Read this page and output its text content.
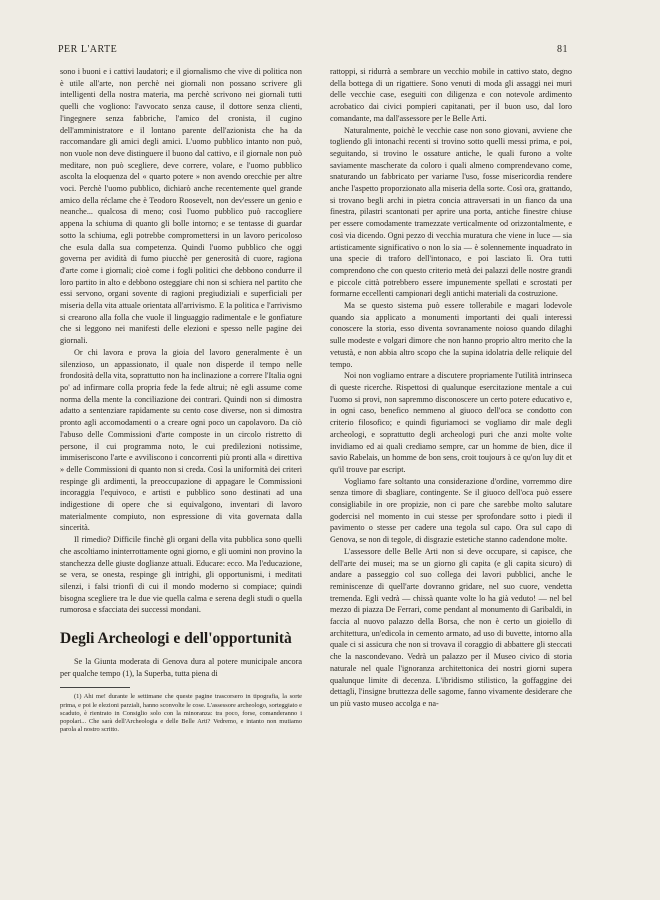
PER L'ARTE	81

sono i buoni e i cattivi laudatori; e il giornalismo che vive di politica non è utile all'arte, non perchè nei giornali non possano scrivere gli intelligenti della nostra materia, ma perchè scrivono nei giornali tutti quelli che vogliono: l'avvocato senza cause, il dottore senza clienti, l'ingegnere senza fabbriche, l'amico del cronista, il cugino dell'amministratore e il lontano parente dell'azionista che ha da raccomandare gli amici degli amici. L'uomo pubblico intanto non può, non vuole non deve distinguere il buono dal cattivo, e il giornale non può meditare, non può scegliere, deve correre, volare, e l'uomo pubblico ascolta la eloquenza del « quarto potere » non avendo orecchie per altre voci. Perchè l'uomo pubblico, dichiarò anche recentemente quel grande amico della réclame che è Teodoro Roosevelt, non dev'essere un genio e neanche... qualcosa di meno; così l'uomo pubblico può raccogliere appena la schiuma di quanto gli bolle intorno; e se tentasse di guardar sotto la schiuma, egli potrebbe compromettersi in un lavoro pericoloso che esula dalla sua competenza. Quindi l'uomo pubblico che oggi governa per avidità di fumo piucchè per generosità di cuore, ragiona d'arte come i giornali; cioè come i fogli politici che debbono condurre il loro partito in alto e debbono osteggiare chi non si schiera nel partito che essi servono, organi sovente di ragioni pregiudiziali e superficiali per miseria della vita attuale orientata all'arrivismo. E la politica e l'arrivismo si crearono alla folla che vuole il linguaggio radimentale e le gonfiature che si leggono nei manifesti delle elezioni e spesso nelle pagine dei giornali.

Or chi lavora e prova la gioia del lavoro generalmente è un silenzioso, un appassionato, il quale non disperde il tempo nelle frondosità della vita, soprattutto non ha inclinazione a correre l'Italia ogni po' ad infirmare colla propria fede la fede altrui; nè egli assume come norma della mente la conciliazione dei contrari. Quindi non si dimostra adatto a sentenziare rapidamente su cento cose diverse, non si dimostra pronto agli accomodamenti o a creare ogni poco un capolavoro. Da ciò l'abuso delle Commissioni d'arte composte in un circolo ristretto di persone, il cui programma noto, le cui predilezioni notissime, immiseriscono l'arte e avviliscono i concorrenti più pronti alla « direttiva » delle Commissioni di quanto non si creda. Così la uniformità dei criteri respinge gli ardimenti, la preoccupazione di appagare le Commissioni incoraggia l'equivoco, e artisti e pubblico sono destinati ad una indigestione di opere che si equivalgono, inventari di lavoro materialmente compiuto, non espressione di vita governata dalla sincerità.

Il rimedio? Difficile finchè gli organi della vita pubblica sono quelli che ascoltiamo ininterrottamente ogni giorno, e gli uomini non provino la stanchezza delle giuste doglianze attuali. Educare: ecco. Ma l'educazione, se vera, se onesta, respinge gli intrighi, gli opportunismi, i meditati silenzi, i falsi trionfi di cui il mondo moderno si compiace; quindi bisogna scegliere tra le due vie quella calma e serena degli studi o quella rumorosa e sfacciata dei successi mondani.

Degli Archeologi e dell'opportunità

Se la Giunta moderata di Genova dura al potere municipale ancora per qualche tempo (1), la Superba, tutta piena di

(1) Ahi me! durante le settimane che queste pagine trascorsero in tipografia, la sorte prima, e poi le elezioni parziali, hanno sconvolte le cose. L'assessore archeologo, sorteggiato e scaduto, è rientrato in Consiglio solo con la minoranza: tra poco, forse, comanderanno i popolari... Che sarà dell'Archeologia e delle Belle Arti? Vedremo, e intanto non mutiamo parola al nostro scritto.

rattoppi, si ridurrà a sembrare un vecchio mobile in cattivo stato, degno della bottega di un rigattiere. Sono venuti di moda gli assaggi nei muri delle vecchie case, eseguiti con diligenza e con notevole ardimento acrobatico dai civici pompieri capitanati, per il buon uso, dal loro comandante, ma dall'assessore per le Belle Arti.

Naturalmente, poichè le vecchie case non sono giovani, avviene che togliendo gli intonachi recenti si trovino sotto quelli messi prima, e poi, seguitando, si trovino le ossature antiche, le quali furono a volte saviamente mascherate da coloro i quali almeno comprendevano come, snaturando un fabbricato per variarne l'uso, fosse misericordia rendere anche l'aspetto proporzionato alla miseria della sorte. Così ora, grattando, si trovano begli archi in pietra concia attraversati in un fianco da una finestra, pilastri scantonati per aprire una porta, antiche finestre chiuse per essere comodamente tramezzate verticalmente od orizzontalmente, e così via dicendo. Ogni pezzo di vecchia muratura che viene in luce — sia artisticamente significativo o non lo sia — è solennemente inquadrato in una specie di traforo dell'intonaco, e poi lasciato lì. Ora tutti comprendono che con questo criterio metà dei palazzi delle nostre grandi e piccole città potrebbero essere impunemente spellati e scrostati per formarne eccellenti campionari degli antichi materiali da costruzione.

Ma se questo sistema può essere tollerabile e magari lodevole quando sia applicato a monumenti importanti dei quali interessi conoscere la storia, esso diventa sovranamente noioso quando dilaghi sulle modeste e volgari dimore che non hanno proprio altro merito che la vetustà, e non abbia altro scopo che la supina idolatria delle reliquie del tempo.

Noi non vogliamo entrare a discutere propriamente l'utilità intrinseca di queste ricerche. Rispettosi di qualunque esercitazione mentale a cui l'uomo si provi, non sapremmo disconoscere un certo potere educativo e, in ogni caso, benefico nemmeno al giuoco dell'oca se condotto con criterio filosofico; e quindi figuriamoci se vogliamo dir male degli archeologi, e soprattutto degli archeologi puri che anzi molte volte invidiamo ed ai quali crediamo sempre, car un homme de bien, dice il savio Rabelais, un homme de bon sens, croit toujours à ce qu'on luy dit et qu'il trouve par escript.

Vogliamo fare soltanto una considerazione d'ordine, vorremmo dire senza timore di sbagliare, contingente. Se il giuoco dell'oca può essere consigliabile in ore propizie, non ci pare che sarebbe molto salutare godercisi nel momento in cui stesse per sprofondare sotto i piedi il pavimento o stesse per cadere una tegola sul capo. Ora sul capo di Genova, se non di tegole, di disgrazie estetiche stanno cadendone molte.

L'assessore delle Belle Arti non si deve occupare, si capisce, che dell'arte dei musei; ma se un giorno gli capita (e gli capita sicuro) di andare a passeggio col suo collega dei lavori pubblici, anche le reminiscenze di quell'arte dovranno gridare, nel suo cuore, vendetta tremenda. Egli vedrà — chissà quante volte lo ha già veduto! — nel bel mezzo di piazza De Ferrari, come pendant al monumento di Garibaldi, in faccia al nuovo palazzo della Borsa, che non è certo un gioiello di architettura, un'edicola in cemento armato, ad uso di buvette, intorno alla quale ci si assicura che non si trovava il coraggio di abbattere gli steccati che la nascondevano. Vedrà un palazzo per il Museo civico di storia naturale nel quale l'ignoranza architettonica dei nostri giorni supera qualunque limite di decenza. L'ibridismo stilistico, la goffaggine dei dettagli, l'insigne bruttezza delle sagome, fanno vivamente desiderare che un più vasto museo accolga e na-
